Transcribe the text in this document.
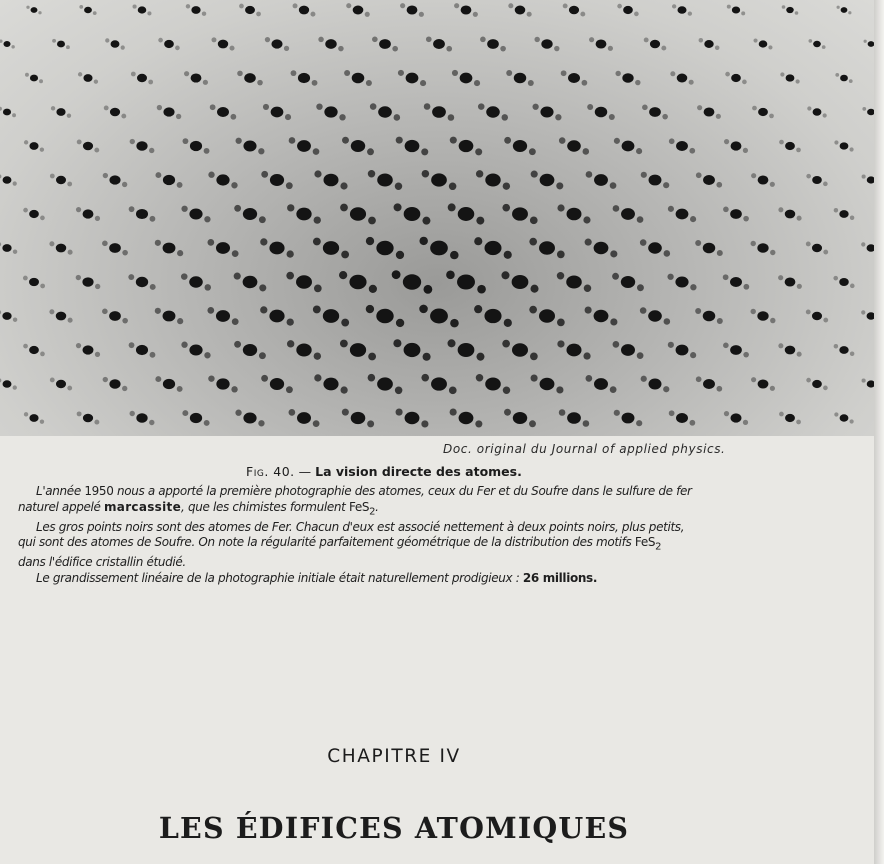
Doc. original du Journal of applied physics.
Fig. 40. — La vision directe des atomes.

L'année 1950 nous a apporté la première photographie des atomes, ceux du Fer et du Soufre dans le sulfure de fer

naturel appelé marcassite, que les chimistes formulent FeS$_2$.

Les gros points noirs sont des atomes de Fer. Chacun d'eux est associé nettement à deux points noirs, plus petits,

qui sont des atomes de Soufre. On note la régularité parfaitement géométrique de la distribution des motifs FeS$_2$

dans l'édifice cristallin étudié.

Le grandissement linéaire de la photographie initiale était naturellement prodigieux : 26 millions.

CHAPITRE IV
LES ÉDIFICES ATOMIQUES
